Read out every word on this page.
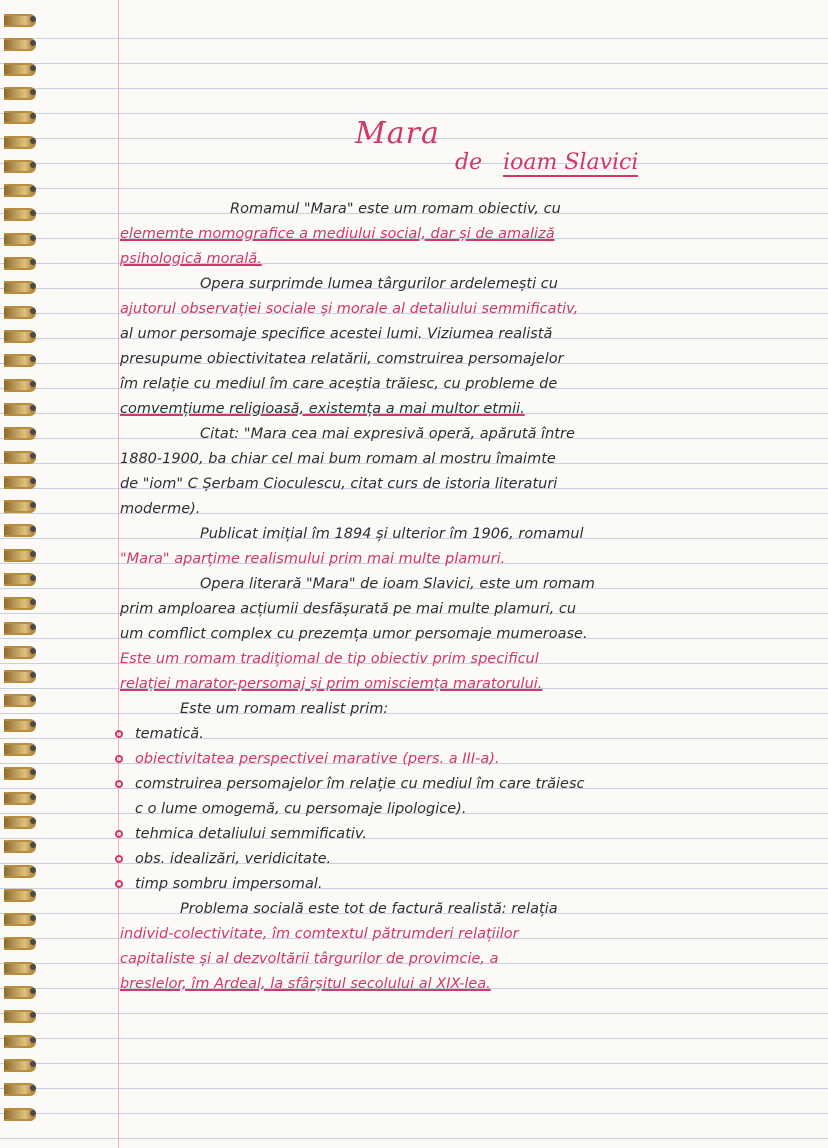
Mara
de ioam Slavici
Romamul "Mara" este um romam obiectiv, cu
elememte momografice a mediului social, dar și de amaliză
psihologică morală.
Opera surprimde lumea târgurilor ardelemești cu
ajutorul observației sociale și morale al detaliului semmificativ,
al umor persomaje specifice acestei lumi. Viziumea realistă
presupume obiectivitatea relatării, comstruirea persomajelor
îm relație cu mediul îm care aceștia trăiesc, cu probleme de
comvemțiume religioasă, existemța a mai multor etmii.
Citat: "Mara cea mai expresivă operă, apărută între
1880-1900, ba chiar cel mai bum romam al mostru îmaimte
de "iom" C Șerbam Cioculescu, citat curs de istoria literaturi
moderme).
Publicat imițial îm 1894 și ulterior îm 1906, romamul
"Mara" aparțime realismului prim mai multe plamuri.
Opera literară "Mara" de ioam Slavici, este um romam
prim amploarea acțiumii desfășurată pe mai multe plamuri, cu
um comflict complex cu prezemța umor persomaje mumeroase.
Este um romam tradițiomal de tip obiectiv prim specificul
relației marator-persomaj și prim omisciemța maratorului.
Este um romam realist prim:
tematică.
obiectivitatea perspectivei marative (pers. a III-a).
comstruirea persomajelor îm relație cu mediul îm care trăiesc
c o lume omogemă, cu persomaje lipologice).
tehmica detaliului semmificativ.
obs. idealizări, veridicitate.
timp sombru impersomal.
Problema socială este tot de factură realistă: relația
individ-colectivitate, îm comtextul pătrumderi relațiilor
capitaliste și al dezvoltării târgurilor de provimcie, a
breslelor, îm Ardeal, la sfârșitul secolului al XIX-lea.
